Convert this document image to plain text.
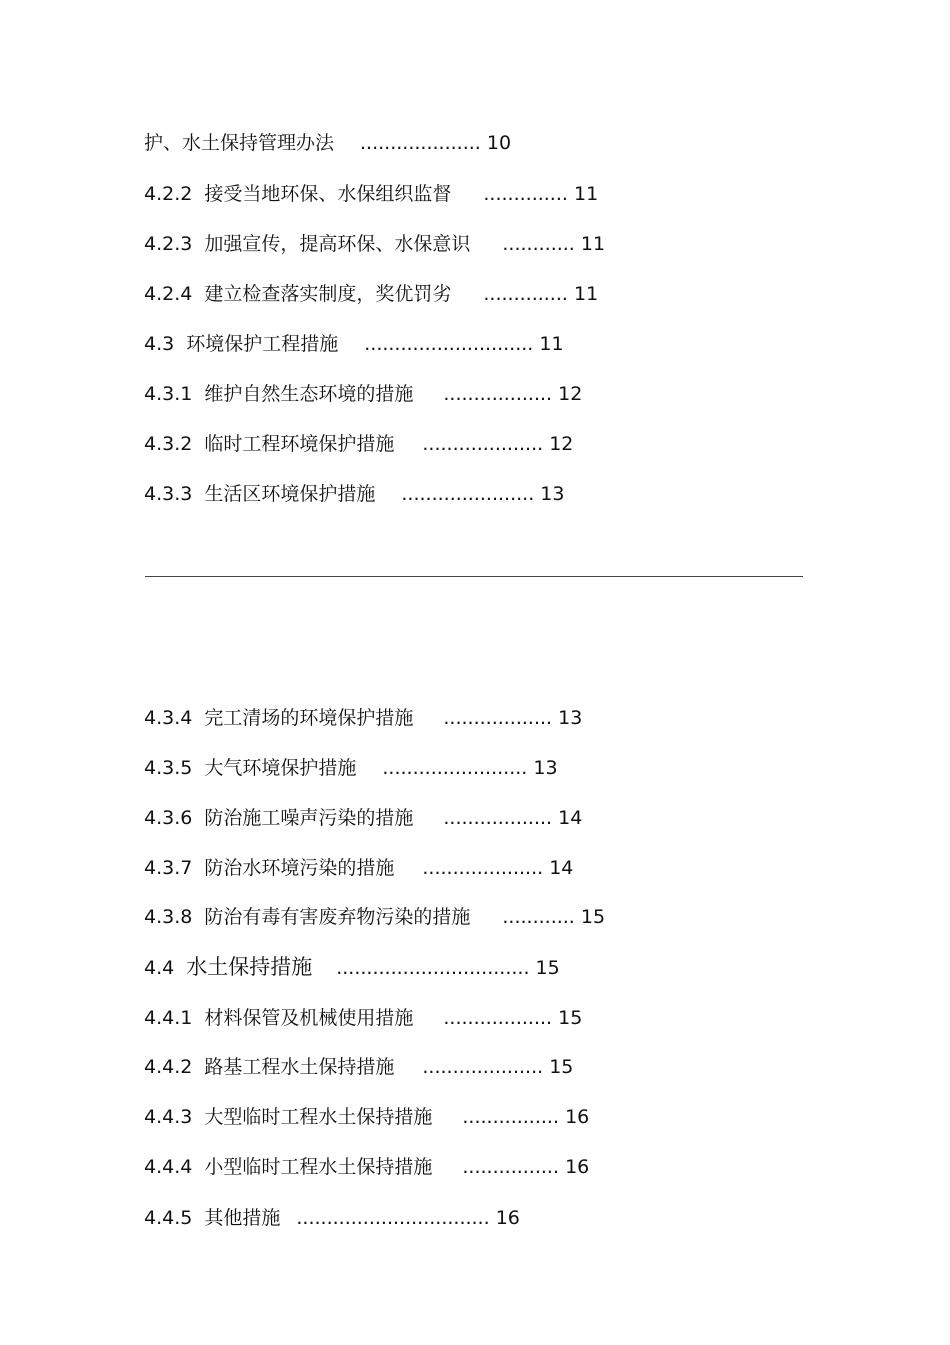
护、水土保持管理办法 .................... 10
4.2.2 接受当地环保、水保组织监督 .............. 11
4.2.3 加强宣传，提高环保、水保意识 ............ 11
4.2.4 建立检查落实制度，奖优罚劣 .............. 11
4.3 环境保护工程措施 ............................ 11
4.3.1 维护自然生态环境的措施 .................. 12
4.3.2 临时工程环境保护措施 .................... 12
4.3.3 生活区环境保护措施 ...................... 13
4.3.4 完工清场的环境保护措施 .................. 13
4.3.5 大气环境保护措施 ........................ 13
4.3.6 防治施工噪声污染的措施 .................. 14
4.3.7 防治水环境污染的措施 .................... 14
4.3.8 防治有毒有害废弃物污染的措施 ............ 15
4.4 水土保持措施 ................................ 15
4.4.1 材料保管及机械使用措施 .................. 15
4.4.2 路基工程水土保持措施 .................... 15
4.4.3 大型临时工程水土保持措施 ................ 16
4.4.4 小型临时工程水土保持措施 ................ 16
4.4.5 其他措施 ................................ 16
